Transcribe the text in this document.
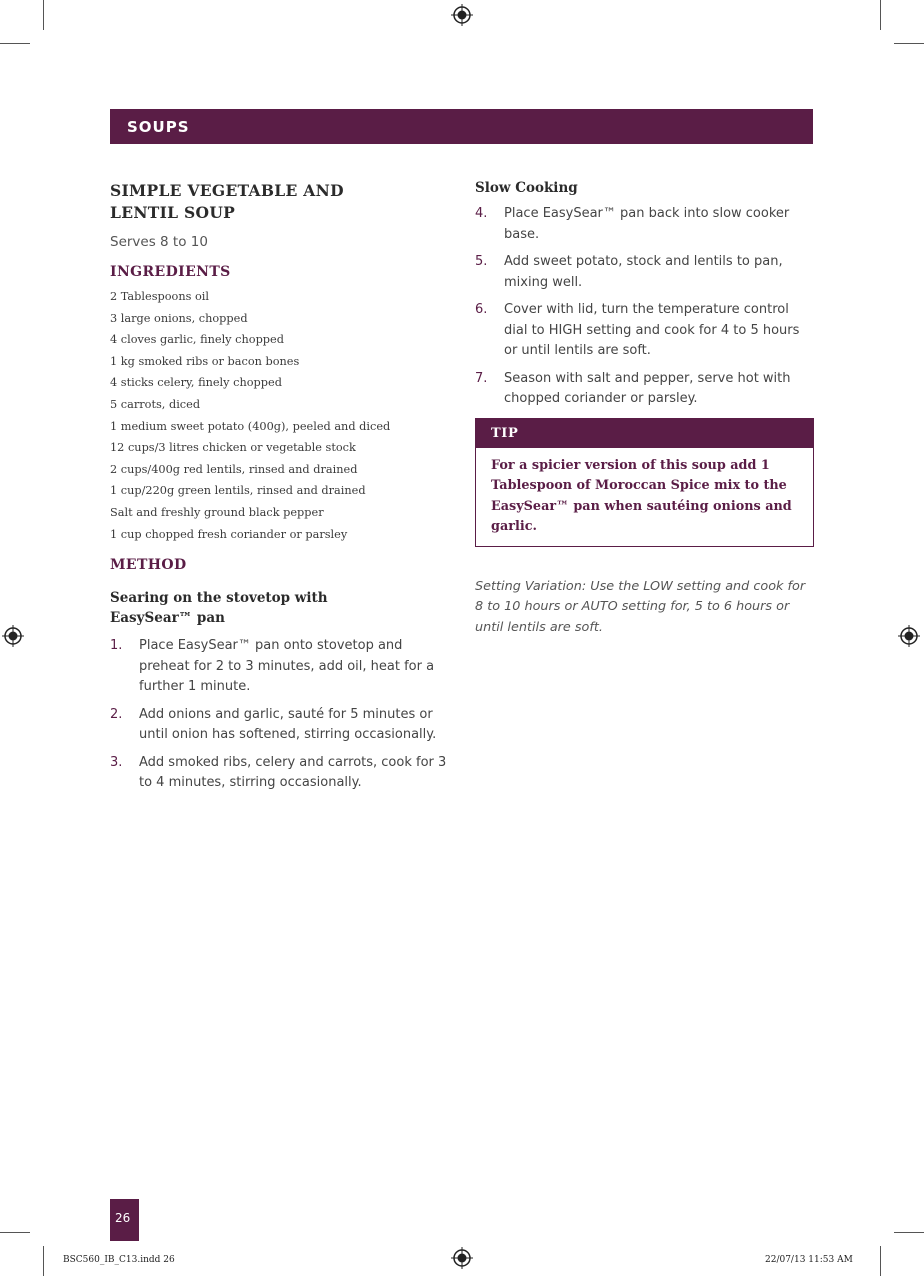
SOUPS
SIMPLE VEGETABLE AND
LENTIL SOUP
Serves 8 to 10
INGREDIENTS
2 Tablespoons oil
3 large onions, chopped
4 cloves garlic, finely chopped
1 kg smoked ribs or bacon bones
4 sticks celery, finely chopped
5 carrots, diced
1 medium sweet potato (400g), peeled and diced
12 cups/3 litres chicken or vegetable stock
2 cups/400g red lentils, rinsed and drained
1 cup/220g green lentils, rinsed and drained
Salt and freshly ground black pepper
1 cup chopped fresh coriander or parsley
METHOD
Searing on the stovetop with
EasySear™ pan
1. Place EasySear™ pan onto stovetop and preheat for 2 to 3 minutes, add oil, heat for a further 1 minute.
2. Add onions and garlic, sauté for 5 minutes or until onion has softened, stirring occasionally.
3. Add smoked ribs, celery and carrots, cook for 3 to 4 minutes, stirring occasionally.
Slow Cooking
4. Place EasySear™ pan back into slow cooker base.
5. Add sweet potato, stock and lentils to pan, mixing well.
6. Cover with lid, turn the temperature control dial to HIGH setting and cook for 4 to 5 hours or until lentils are soft.
7. Season with salt and pepper, serve hot with chopped coriander or parsley.
TIP
For a spicier version of this soup add 1 Tablespoon of Moroccan Spice mix to the EasySear™ pan when sautéing onions and garlic.
Setting Variation: Use the LOW setting and cook for 8 to 10 hours or AUTO setting for, 5 to 6 hours or until lentils are soft.
26
BSC560_IB_C13.indd 26	22/07/13 11:53 AM
